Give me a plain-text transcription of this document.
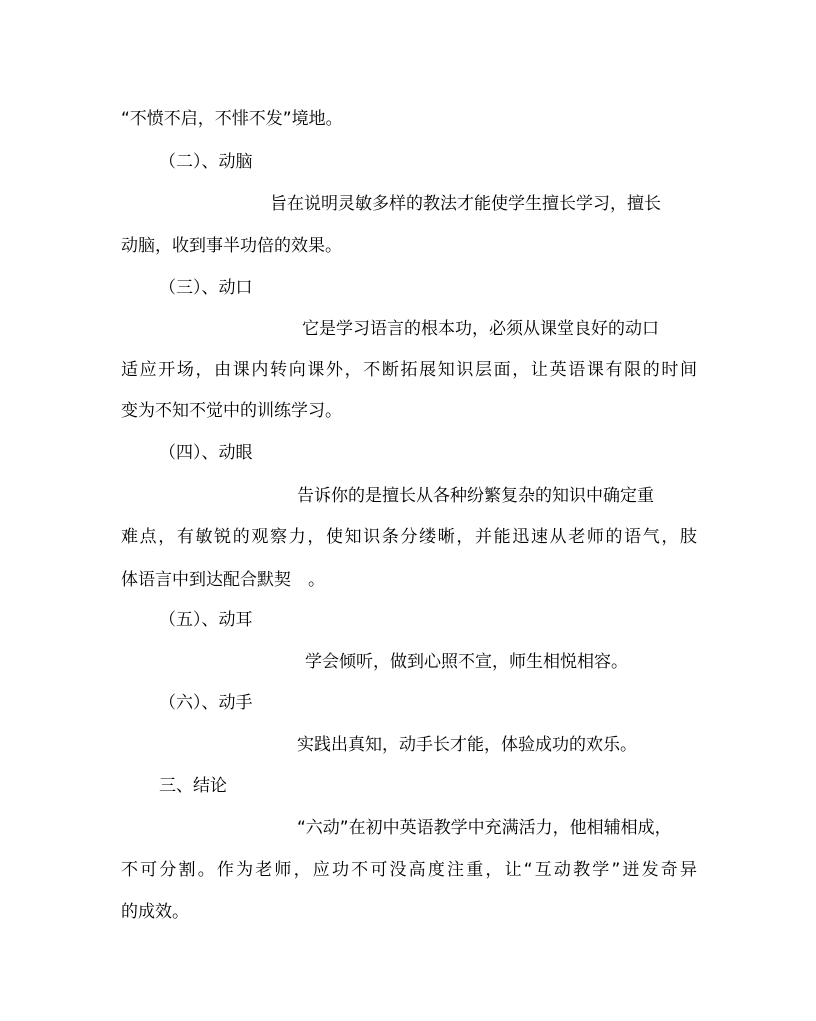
“不愤不启，不悱不发”境地。

（二）、动脑

旨在说明灵敏多样的教法才能使学生擅长学习，擅长

动脑，收到事半功倍的效果。

（三）、动口

它是学习语言的根本功，必须从课堂良好的动口

适应开场，由课内转向课外，不断拓展知识层面，让英语课有限的时间

变为不知不觉中的训练学习。

（四）、动眼

告诉你的是擅长从各种纷繁复杂的知识中确定重

难点，有敏锐的观察力，使知识条分缕晰，并能迅速从老师的语气，肢

体语言中到达配合默契　。

（五）、动耳

学会倾听，做到心照不宣，师生相悦相容。

（六）、动手

实践出真知，动手长才能，体验成功的欢乐。

三、结论

“六动”在初中英语教学中充满活力，他相辅相成，

不可分割。作为老师，应功不可没高度注重，让“互动教学”迸发奇异

的成效。
